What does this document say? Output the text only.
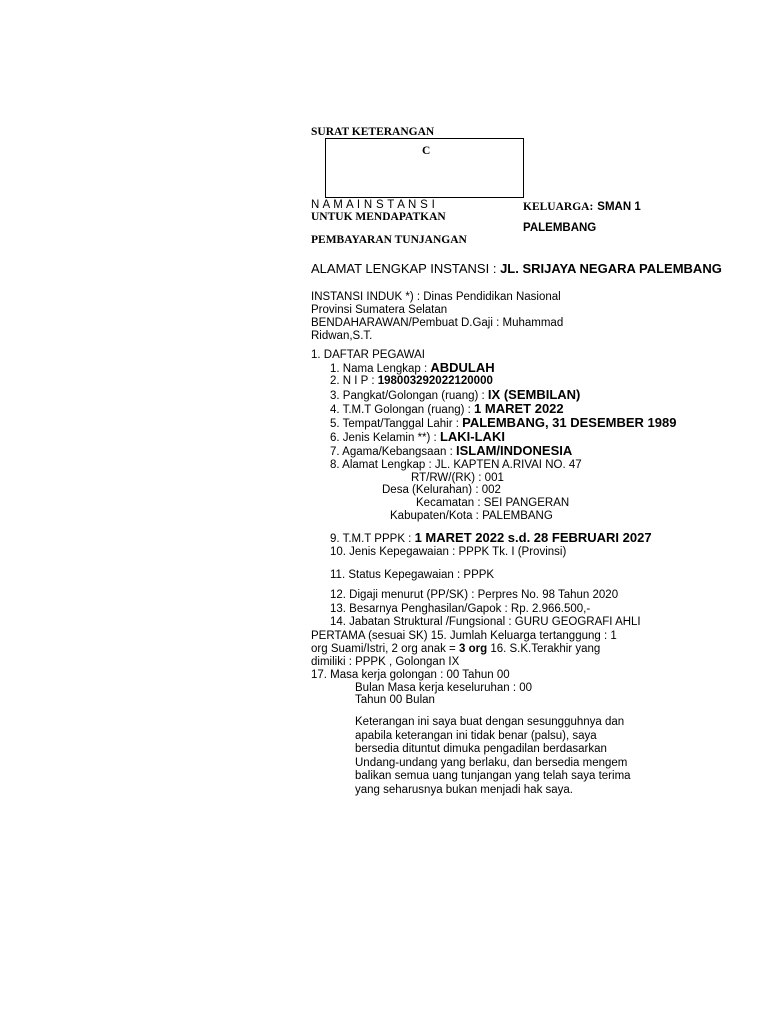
SURAT KETERANGAN
C
N A M A I N S T A N S I
UNTUK MENDAPATKAN
PEMBAYARAN TUNJANGAN
KELUARGA: SMAN 1
PALEMBANG
ALAMAT LENGKAP INSTANSI : JL. SRIJAYA NEGARA PALEMBANG
INSTANSI INDUK *) : Dinas Pendidikan Nasional
Provinsi Sumatera Selatan
BENDAHARAWAN/Pembuat D.Gaji : Muhammad
Ridwan,S.T.
1. DAFTAR PEGAWAI
1. Nama Lengkap : ABDULAH
2. N I P : 198003292022120000
3. Pangkat/Golongan (ruang) : IX (SEMBILAN)
4. T.M.T Golongan (ruang) : 1 MARET 2022
5. Tempat/Tanggal Lahir : PALEMBANG, 31 DESEMBER 1989
6. Jenis Kelamin **) : LAKI-LAKI
7. Agama/Kebangsaan : ISLAM/INDONESIA
8. Alamat Lengkap : JL. KAPTEN A.RIVAI NO. 47
RT/RW/(RK) : 001
Desa (Kelurahan) : 002
Kecamatan : SEI PANGERAN
Kabupaten/Kota : PALEMBANG
9. T.M.T PPPK : 1 MARET 2022 s.d. 28 FEBRUARI 2027
10. Jenis Kepegawaian : PPPK Tk. I (Provinsi)
11. Status Kepegawaian : PPPK
12. Digaji menurut (PP/SK) : Perpres No. 98 Tahun 2020
13. Besarnya Penghasilan/Gapok : Rp. 2.966.500,-
14. Jabatan Struktural /Fungsional : GURU GEOGRAFI AHLI
PERTAMA (sesuai SK) 15. Jumlah Keluarga tertanggung : 1
org Suami/Istri, 2 org anak = 3 org 16. S.K.Terakhir yang
dimiliki : PPPK , Golongan IX
17. Masa kerja golongan : 00 Tahun 00
Bulan Masa kerja keseluruhan : 00
Tahun 00 Bulan
Keterangan ini saya buat dengan sesungguhnya dan
apabila keterangan ini tidak benar (palsu), saya
bersedia dituntut dimuka pengadilan berdasarkan
Undang-undang yang berlaku, dan bersedia mengem
balikan semua uang tunjangan yang telah saya terima
yang seharusnya bukan menjadi hak saya.
